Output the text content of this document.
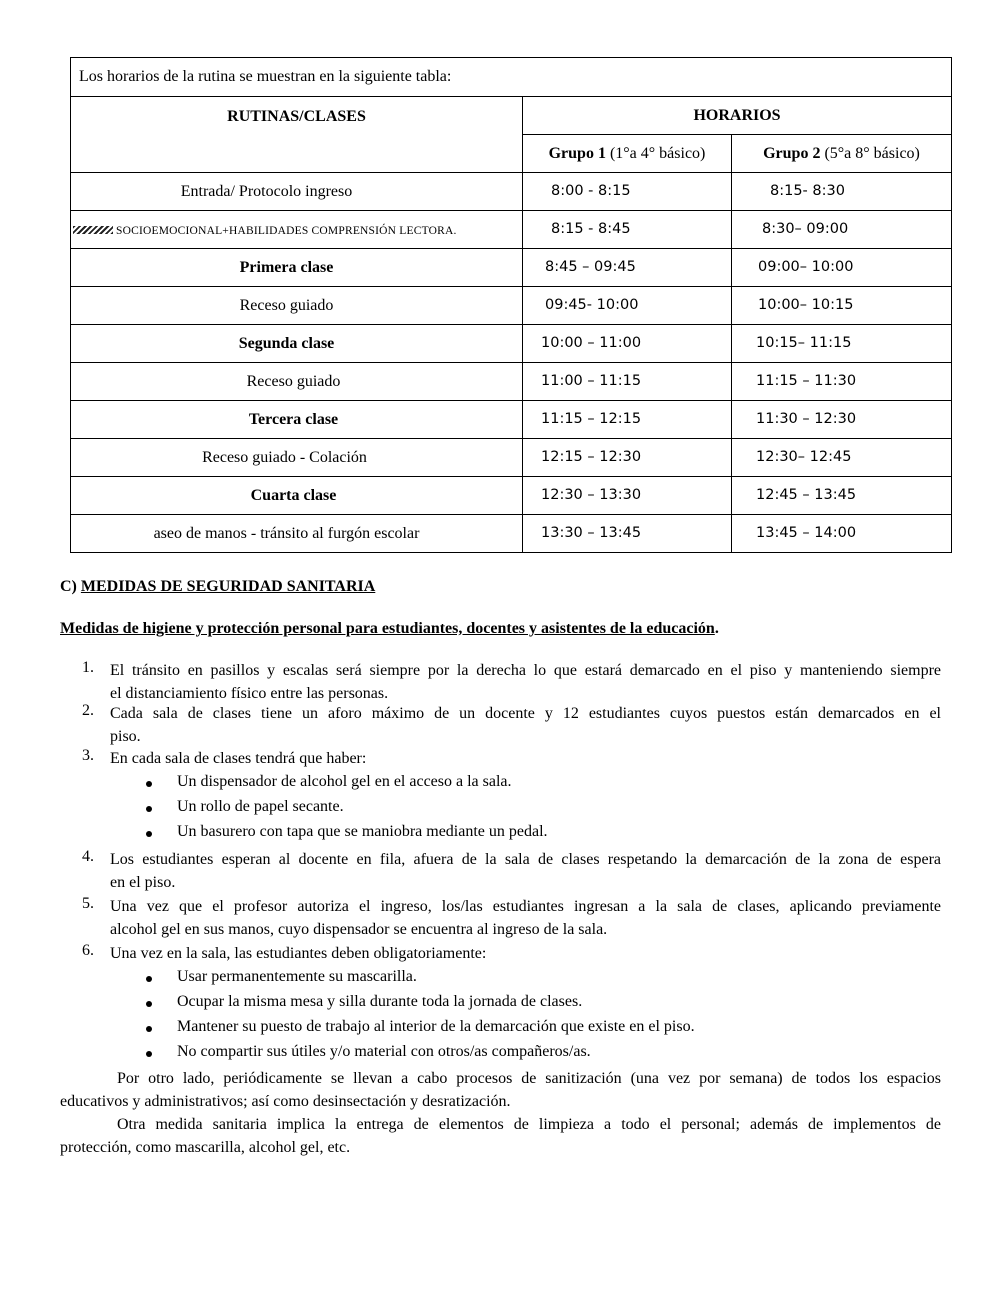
Los horarios de la rutina se muestran en la siguiente tabla:		
RUTINAS/CLASES	HORARIOS	
	Grupo 1 (1°a 4° básico)	Grupo 2 (5°a 8° básico)
Entrada/ Protocolo ingreso	8:00 - 8:15	8:15- 8:30
SOCIOEMOCIONAL+HABILIDADES COMPRENSIÓN LECTORA.	8:15 - 8:45	8:30– 09:00
Primera clase	8:45 – 09:45	09:00– 10:00
Receso guiado	09:45- 10:00	10:00– 10:15
Segunda clase	10:00 – 11:00	10:15– 11:15
Receso guiado	11:00 – 11:15	11:15 – 11:30
Tercera clase	11:15 – 12:15	11:30 – 12:30
Receso guiado - Colación	12:15 – 12:30	12:30– 12:45
Cuarta clase	12:30 – 13:30	12:45 – 13:45
aseo de manos - tránsito al furgón escolar	13:30 – 13:45	13:45 – 14:00
C) MEDIDAS DE SEGURIDAD SANITARIA
Medidas de higiene y protección personal para estudiantes, docentes y asistentes de la educación.
1. El tránsito en pasillos y escalas será siempre por la derecha lo que estará demarcado en el piso y manteniendo siempre
el distanciamiento físico entre las personas.
2. Cada sala de clases tiene un aforo máximo de un docente y 12 estudiantes cuyos puestos están demarcados en el
piso.
3. En cada sala de clases tendrá que haber:
Un dispensador de alcohol gel en el acceso a la sala.
Un rollo de papel secante.
Un basurero con tapa que se maniobra mediante un pedal.
4. Los estudiantes esperan al docente en fila, afuera de la sala de clases respetando la demarcación de la zona de espera
en el piso.
5. Una vez que el profesor autoriza el ingreso, los/las estudiantes ingresan a la sala de clases, aplicando previamente
alcohol gel en sus manos, cuyo dispensador se encuentra al ingreso de la sala.
6. Una vez en la sala, las estudiantes deben obligatoriamente:
Usar permanentemente su mascarilla.
Ocupar la misma mesa y silla durante toda la jornada de clases.
Mantener su puesto de trabajo al interior de la demarcación que existe en el piso.
No compartir sus útiles y/o material con otros/as compañeros/as.
Por otro lado, periódicamente se llevan a cabo procesos de sanitización (una vez por semana) de todos los espacios
educativos y administrativos; así como desinsectación y desratización.
Otra medida sanitaria implica la entrega de elementos de limpieza a todo el personal; además de implementos de
protección, como mascarilla, alcohol gel, etc.
